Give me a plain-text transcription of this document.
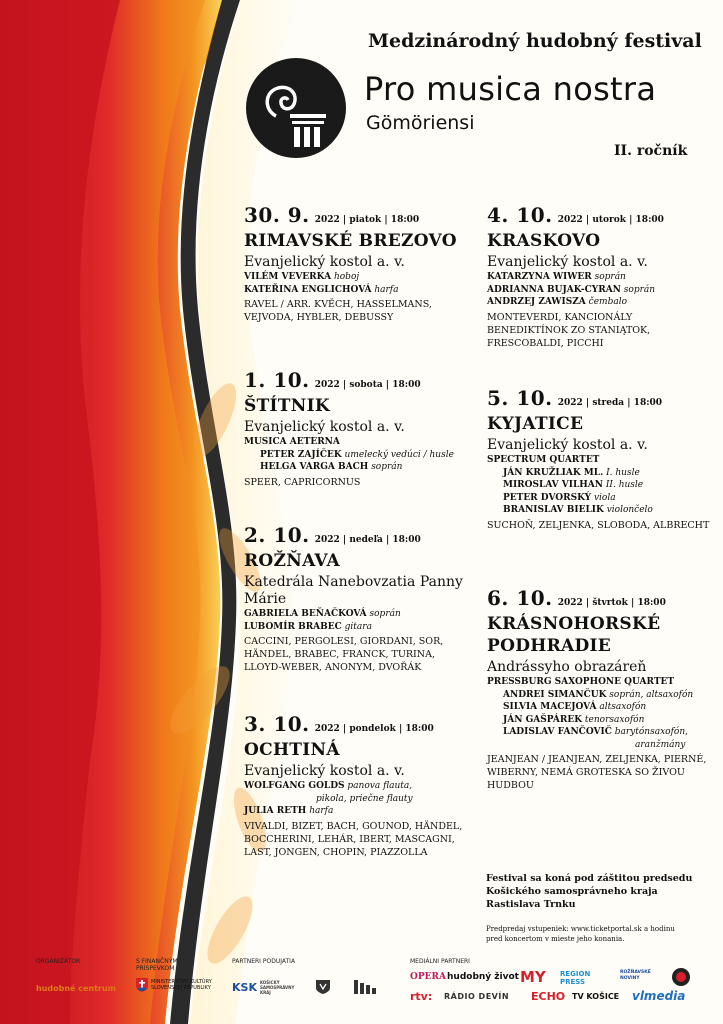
Medzinárodný hudobný festival
Pro musica nostra
Gömöriensi
II. ročník
30. 9. 2022 | piatok | 18:00
RIMAVSKÉ BREZOVO
Evanjelický kostol a. v.
VILÉM VEVERKA hoboj
KATEŘINA ENGLICHOVÁ harfa
RAVEL / ARR. KVĚCH, HASSELMANS, VEJVODA, HYBLER, DEBUSSY
1. 10. 2022 | sobota | 18:00
ŠTÍTNIK
Evanjelický kostol a. v.
MUSICA AETERNA
PETER ZAJÍČEK umelecký vedúci / husle
HELGA VARGA BACH soprán
SPEER, CAPRICORNUS
2. 10. 2022 | nedeľa | 18:00
ROŽŇAVA
Katedrála Nanebovzatia Panny Márie
GABRIELA BEŇAČKOVÁ soprán
LUBOMÍR BRABEC gitara
CACCINI, PERGOLESI, GIORDANI, SOR, HÄNDEL, BRABEC, FRANCK, TURINA, LLOYD-WEBER, ANONYM, DVOŘÁK
3. 10. 2022 | pondelok | 18:00
OCHTINÁ
Evanjelický kostol a. v.
WOLFGANG GOLDS panova flauta,
pikola, priečne flauty
JULIA RETH harfa
VIVALDI, BIZET, BACH, GOUNOD, HÄNDEL, BOCCHERINI, LEHÁR, IBERT, MASCAGNI, LAST, JONGEN, CHOPIN, PIAZZOLLA
4. 10. 2022 | utorok | 18:00
KRASKOVO
Evanjelický kostol a. v.
KATARZYNA WIWER soprán
ADRIANNA BUJAK-CYRAN soprán
ANDRZEJ ZAWISZA čembalo
MONTEVERDI, KANCIONÁLY BENEDIKTÍNOK ZO STANIĄTOK, FRESCOBALDI, PICCHI
5. 10. 2022 | streda | 18:00
KYJATICE
Evanjelický kostol a. v.
SPECTRUM QUARTET
JÁN KRUŽLIAK ML. I. husle
MIROSLAV VILHAN II. husle
PETER DVORSKÝ viola
BRANISLAV BIELIK violončelo
SUCHOŇ, ZELJENKA, SLOBODA, ALBRECHT
6. 10. 2022 | štvrtok | 18:00
KRÁSNOHORSKÉ PODHRADIE
Andrássyho obrazáreň
PRESSBURG SAXOPHONE QUARTET
ANDREI SIMANČUK soprán, altsaxofón
SILVIA MACEJOVÁ altsaxofón
JÁN GAŠPÁREK tenorsaxofón
LADISLAV FANČOVIČ barytónsaxofón,
aranžmány
JEANJEAN / JEANJEAN, ZELJENKA, PIERNÉ, WIBERNY, NEMÁ GROTESKA SO ŽIVOU HUDBOU
Festival sa koná pod záštitou predsedu Košického samosprávneho kraja Rastislava Trnku
Predpredaj vstupeniek: www.ticketportal.sk a hodinu pred koncertom v mieste jeho konania.
ORGANIZÁTOR	S FINANČNÝM PRÍSPEVKOM
PARTNERI PODUJATIA	MEDIÁLNI PARTNERI
hudobné centrum
MINISTERSTVO KULTÚRY SLOVENSKEJ REPUBLIKY	KSK KOŠICKÝ SAMOSPRÁVNY KRAJ
OPERA hudobný život MY REGION PRESS
ROŽŇAVSKÉ NOVINY
rtv: RÁDIO DEVÍN ECHO TV KOŠICE vlmedia
